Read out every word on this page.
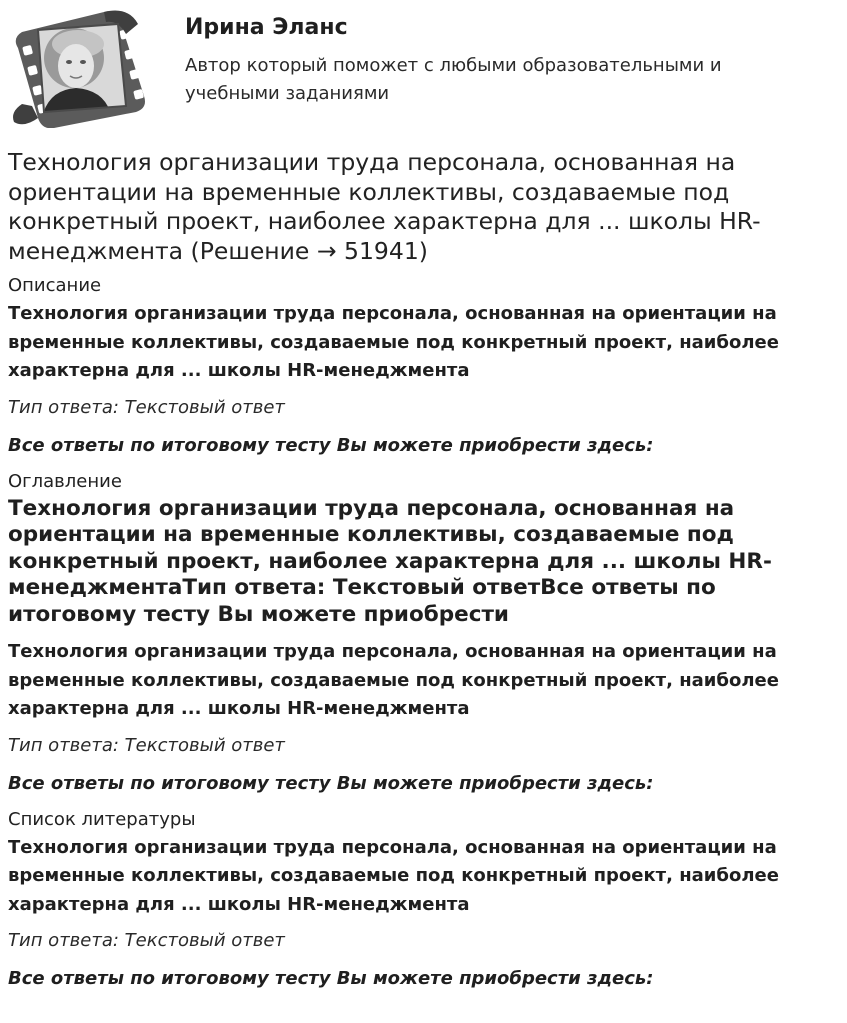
Ирина Эланс

Автор который поможет с любыми образовательными и учебными заданиями

Технология организации труда персонала, основанная на ориентации на временные коллективы, создаваемые под конкретный проект, наиболее характерна для ... школы HR-менеджмента (Решение → 51941)
Описание

Технология организации труда персонала, основанная на ориентации на временные коллективы, создаваемые под конкретный проект, наиболее характерна для ... школы HR-менеджмента

Тип ответа: Текстовый ответ

Все ответы по итоговому тесту Вы можете приобрести здесь:

Оглавление

Технология организации труда персонала, основанная на ориентации на временные коллективы, создаваемые под конкретный проект, наиболее характерна для ... школы HR-менеджментаТип ответа: Текстовый ответВсе ответы по итоговому тесту Вы можете приобрести

Технология организации труда персонала, основанная на ориентации на временные коллективы, создаваемые под конкретный проект, наиболее характерна для ... школы HR-менеджмента

Тип ответа: Текстовый ответ

Все ответы по итоговому тесту Вы можете приобрести здесь:

Список литературы

Технология организации труда персонала, основанная на ориентации на временные коллективы, создаваемые под конкретный проект, наиболее характерна для ... школы HR-менеджмента

Тип ответа: Текстовый ответ

Все ответы по итоговому тесту Вы можете приобрести здесь:
